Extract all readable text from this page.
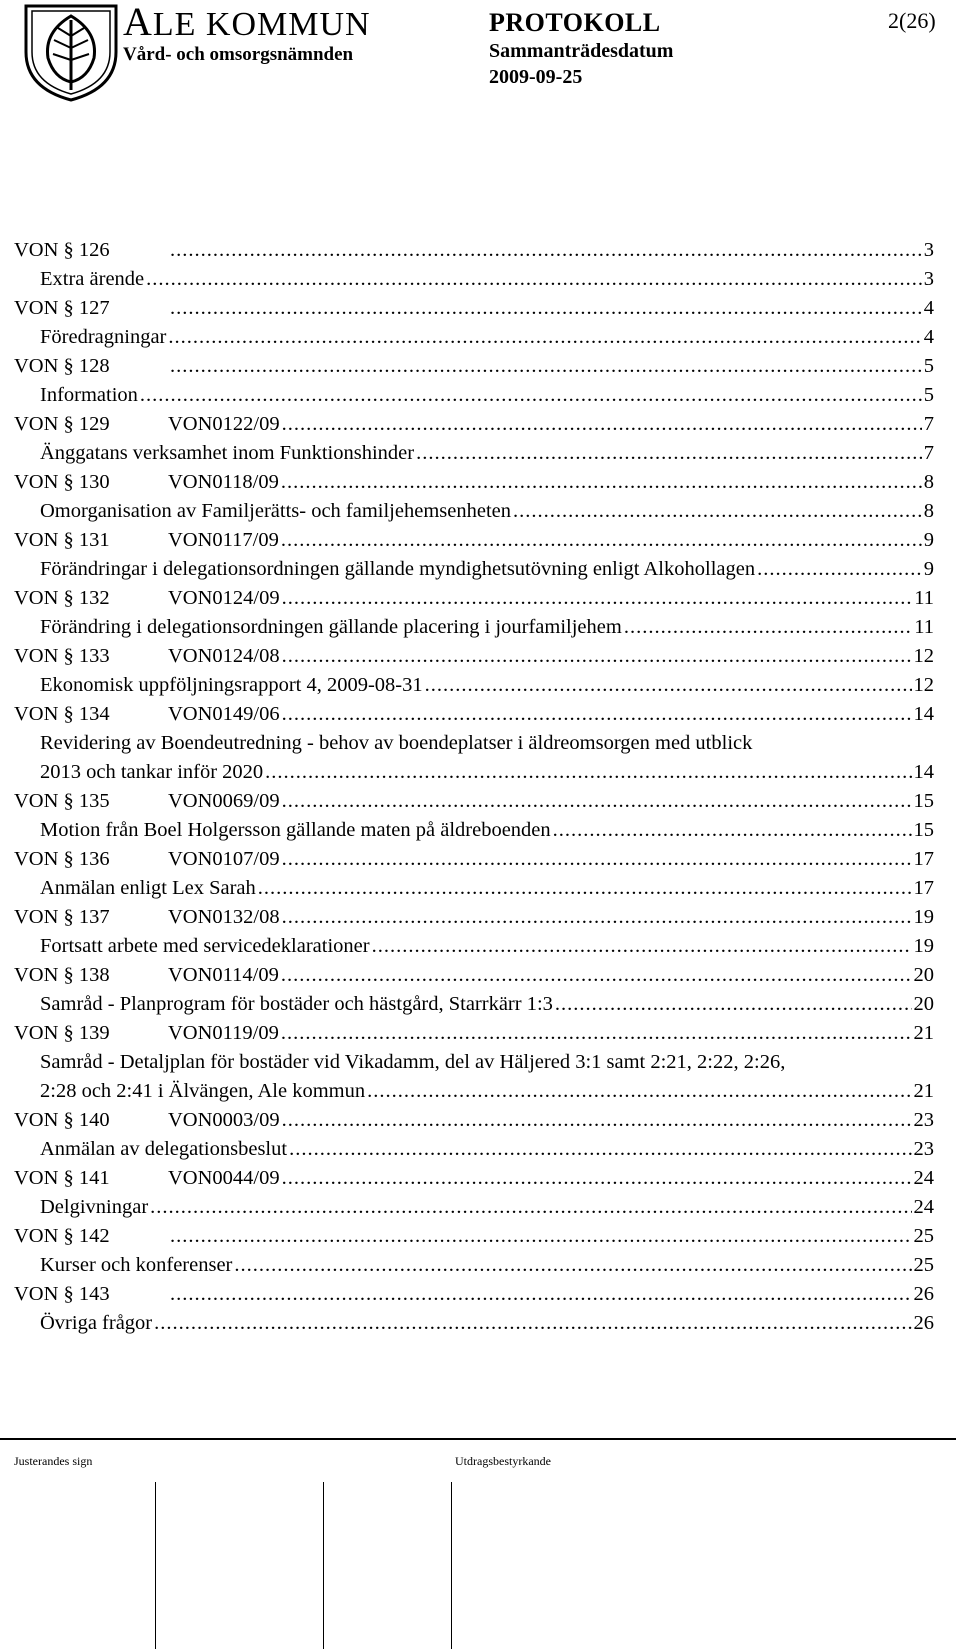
ALE KOMMUN
Vård- och omsorgsnämnden
PROTOKOLL
Sammanträdesdatum
2009-09-25
2(26)
VON § 126 .....	3
Extra ärende .....	3
VON § 127 .....	4
Föredragningar .....	4
VON § 128 .....	5
Information .....	5
VON § 129	VON0122/09 .....	7
Änggatans verksamhet inom Funktionshinder .....	7
VON § 130	VON0118/09 .....	8
Omorganisation av Familjerätts- och familjehemsenheten .....	8
VON § 131	VON0117/09 .....	9
Förändringar i delegationsordningen gällande myndighetsutövning enligt Alkohollagen .....	9
VON § 132	VON0124/09 .....	11
Förändring i delegationsordningen gällande placering i jourfamiljehem .....	11
VON § 133	VON0124/08 .....	12
Ekonomisk uppföljningsrapport 4, 2009-08-31 .....	12
VON § 134	VON0149/06 .....	14
Revidering av Boendeutredning - behov av boendeplatser i äldreomsorgen med utblick
2013 och tankar inför 2020 .....	14
VON § 135	VON0069/09 .....	15
Motion från Boel Holgersson gällande maten på äldreboenden .....	15
VON § 136	VON0107/09 .....	17
Anmälan enligt Lex Sarah .....	17
VON § 137	VON0132/08 .....	19
Fortsatt arbete med servicedeklarationer .....	19
VON § 138	VON0114/09 .....	20
Samråd - Planprogram för bostäder och hästgård, Starrkärr 1:3 .....	20
VON § 139	VON0119/09 .....	21
Samråd - Detaljplan för bostäder vid Vikadamm, del av Häljered 3:1 samt 2:21, 2:22, 2:26,
2:28 och 2:41 i Älvängen, Ale kommun .....	21
VON § 140	VON0003/09 .....	23
Anmälan av delegationsbeslut .....	23
VON § 141	VON0044/09 .....	24
Delgivningar .....	24
VON § 142 .....	25
Kurser och konferenser .....	25
VON § 143 .....	26
Övriga frågor .....	26
Justerandes sign	Utdragsbestyrkande
